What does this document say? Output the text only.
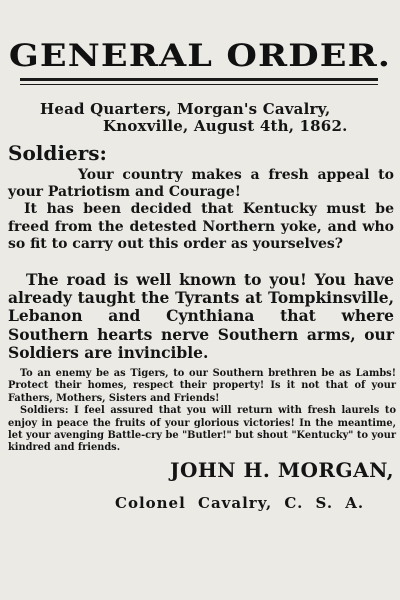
GENERAL ORDER.
Head Quarters, Morgan's Cavalry,
Knoxville, August 4th, 1862.
Soldiers:

Your country makes a fresh appeal to your Patriotism and Courage!

It has been decided that Kentucky must be freed from the detested Northern yoke, and who so fit to carry out this order as yourselves?

The road is well known to you! You have already taught the Tyrants at Tompkinsville, Lebanon and Cynthiana that where Southern hearts nerve Southern arms, our Soldiers are invincible.

To an enemy be as Tigers, to our Southern brethren be as Lambs! Protect their homes, respect their property! Is it not that of your Fathers, Mothers, Sisters and Friends!

Soldiers: I feel assured that you will return with fresh laurels to enjoy in peace the fruits of your glorious victories! In the meantime, let your avenging Battle-cry be "Butler!" but shout "Kentucky" to your kindred and friends.

JOHN H. MORGAN,
Colonel Cavalry, C. S. A.
